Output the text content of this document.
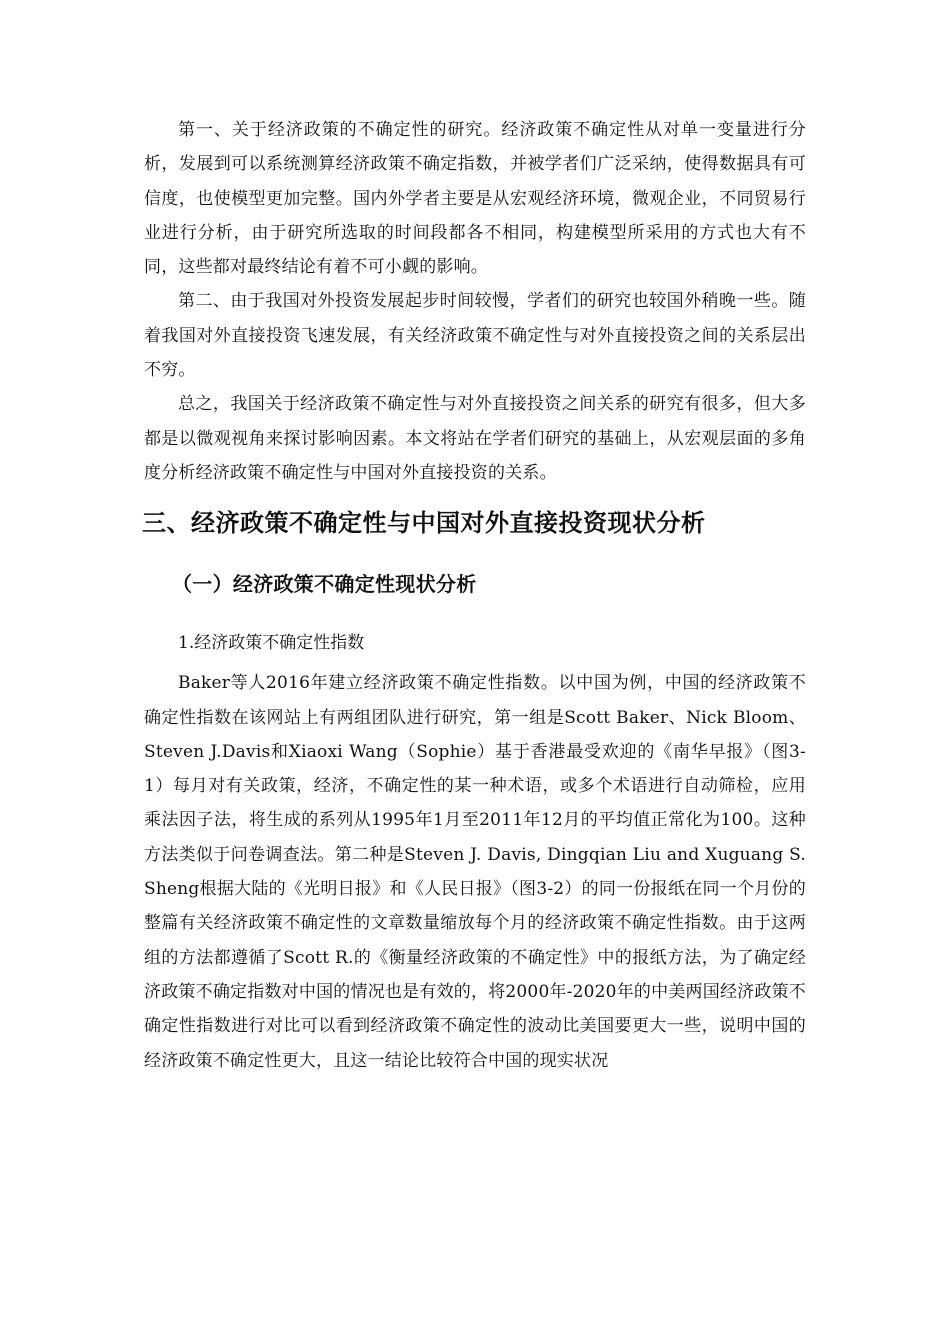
第一、关于经济政策的不确定性的研究。经济政策不确定性从对单一变量进行分析，发展到可以系统测算经济政策不确定指数，并被学者们广泛采纳，使得数据具有可信度，也使模型更加完整。国内外学者主要是从宏观经济环境，微观企业，不同贸易行业进行分析，由于研究所选取的时间段都各不相同，构建模型所采用的方式也大有不同，这些都对最终结论有着不可小觑的影响。

第二、由于我国对外投资发展起步时间较慢，学者们的研究也较国外稍晚一些。随着我国对外直接投资飞速发展，有关经济政策不确定性与对外直接投资之间的关系层出不穷。

总之，我国关于经济政策不确定性与对外直接投资之间关系的研究有很多，但大多都是以微观视角来探讨影响因素。本文将站在学者们研究的基础上，从宏观层面的多角度分析经济政策不确定性与中国对外直接投资的关系。

三、经济政策不确定性与中国对外直接投资现状分析
（一）经济政策不确定性现状分析
1.经济政策不确定性指数

Baker等人2016年建立经济政策不确定性指数。以中国为例，中国的经济政策不确定性指数在该网站上有两组团队进行研究，第一组是Scott Baker、Nick Bloom、Steven J.Davis和Xiaoxi Wang（Sophie）基于香港最受欢迎的《南华早报》（图3-1）每月对有关政策，经济，不确定性的某一种术语，或多个术语进行自动筛检，应用乘法因子法，将生成的系列从1995年1月至2011年12月的平均值正常化为100。这种方法类似于问卷调查法。第二种是Steven J. Davis, Dingqian Liu and Xuguang S. Sheng根据大陆的《光明日报》和《人民日报》（图3-2）的同一份报纸在同一个月份的整篇有关经济政策不确定性的文章数量缩放每个月的经济政策不确定性指数。由于这两组的方法都遵循了Scott R.的《衡量经济政策的不确定性》中的报纸方法，为了确定经济政策不确定指数对中国的情况也是有效的，将2000年-2020年的中美两国经济政策不确定性指数进行对比可以看到经济政策不确定性的波动比美国要更大一些，说明中国的经济政策不确定性更大，且这一结论比较符合中国的现实状况
